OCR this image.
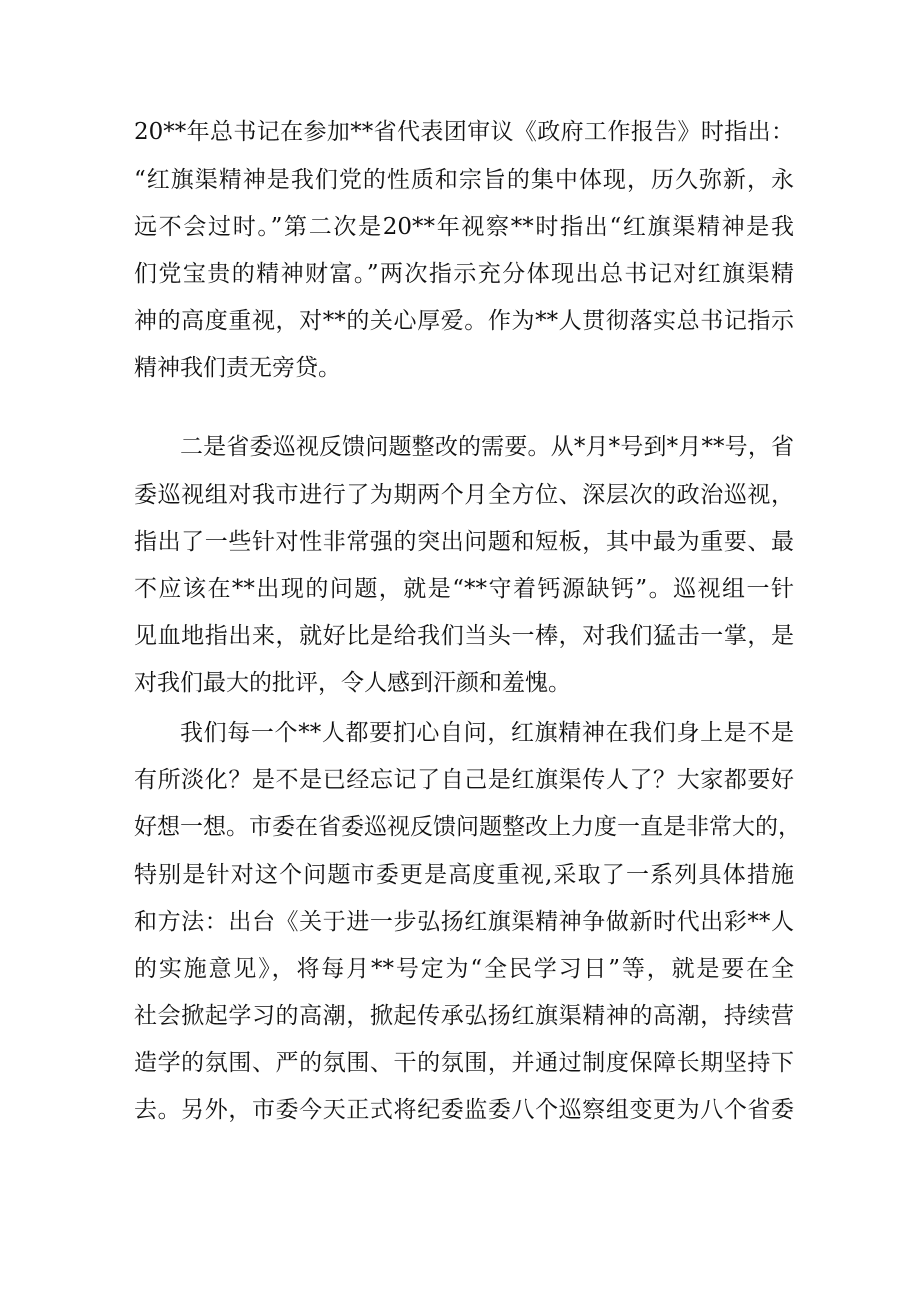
20**年总书记在参加**省代表团审议《政府工作报告》时指出：
“红旗渠精神是我们党的性质和宗旨的集中体现，历久弥新，永
远不会过时。”第二次是20**年视察**时指出“红旗渠精神是我
们党宝贵的精神财富。”两次指示充分体现出总书记对红旗渠精
神的高度重视，对**的关心厚爱。作为**人贯彻落实总书记指示
精神我们责无旁贷。
二是省委巡视反馈问题整改的需要。从*月*号到*月**号，省
委巡视组对我市进行了为期两个月全方位、深层次的政治巡视，
指出了一些针对性非常强的突出问题和短板，其中最为重要、最
不应该在**出现的问题，就是“**守着钙源缺钙”。巡视组一针
见血地指出来，就好比是给我们当头一棒，对我们猛击一掌，是
对我们最大的批评，令人感到汗颜和羞愧。
我们每一个**人都要扪心自问，红旗精神在我们身上是不是
有所淡化？是不是已经忘记了自己是红旗渠传人了？大家都要好
好想一想。市委在省委巡视反馈问题整改上力度一直是非常大的，
特别是针对这个问题市委更是高度重视,采取了一系列具体措施
和方法：出台《关于进一步弘扬红旗渠精神争做新时代出彩**人
的实施意见》，将每月**号定为“全民学习日”等，就是要在全
社会掀起学习的高潮，掀起传承弘扬红旗渠精神的高潮，持续营
造学的氛围、严的氛围、干的氛围，并通过制度保障长期坚持下
去。另外，市委今天正式将纪委监委八个巡察组变更为八个省委
